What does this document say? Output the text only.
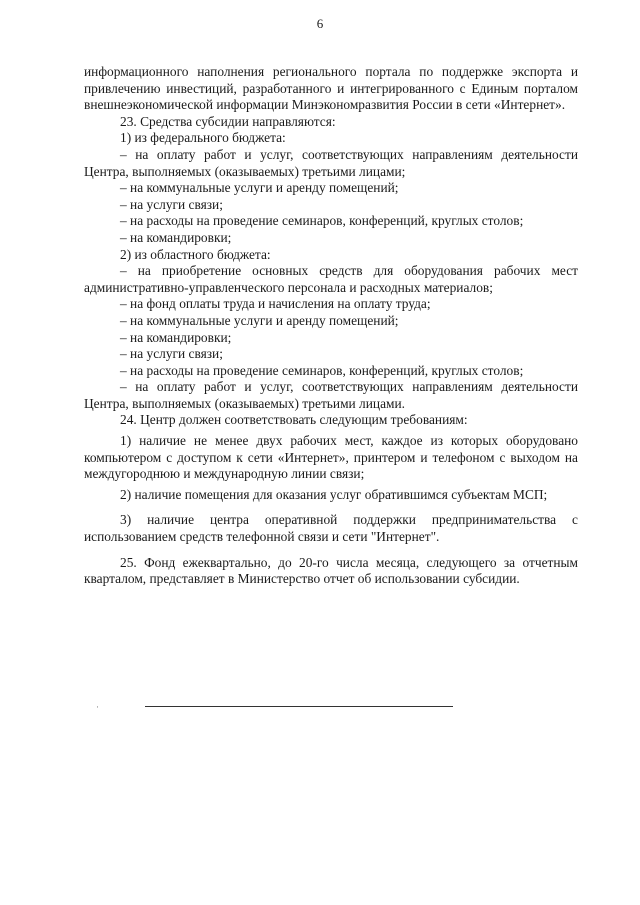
6

информационного наполнения регионального портала по поддержке экспорта и привлечению инвестиций, разработанного и интегрированного с Единым порталом внешнеэкономической информации Минэкономразвития России в сети «Интернет».

23. Средства субсидии направляются:

1) из федерального бюджета:

– на оплату работ и услуг, соответствующих направлениям деятельности Центра, выполняемых (оказываемых) третьими лицами;

– на коммунальные услуги и аренду помещений;

– на услуги связи;

– на расходы на проведение семинаров, конференций, круглых столов;

– на командировки;

2) из областного бюджета:

– на приобретение основных средств для оборудования рабочих мест административно-управленческого персонала и расходных материалов;

– на фонд оплаты труда и начисления на оплату труда;

– на коммунальные услуги и аренду помещений;

– на командировки;

– на услуги связи;

– на расходы на проведение семинаров, конференций, круглых столов;

– на оплату работ и услуг, соответствующих направлениям деятельности Центра, выполняемых (оказываемых) третьими лицами.

24. Центр должен соответствовать следующим требованиям:

1) наличие не менее двух рабочих мест, каждое из которых оборудовано компьютером с доступом к сети «Интернет», принтером и телефоном с выходом на междугороднюю и международную линии связи;

2) наличие помещения для оказания услуг обратившимся субъектам МСП;

3) наличие центра оперативной поддержки предпринимательства с использованием средств телефонной связи и сети "Интернет".

25. Фонд ежеквартально, до 20-го числа месяца, следующего за отчетным кварталом, представляет в Министерство отчет об использовании субсидии.

·
